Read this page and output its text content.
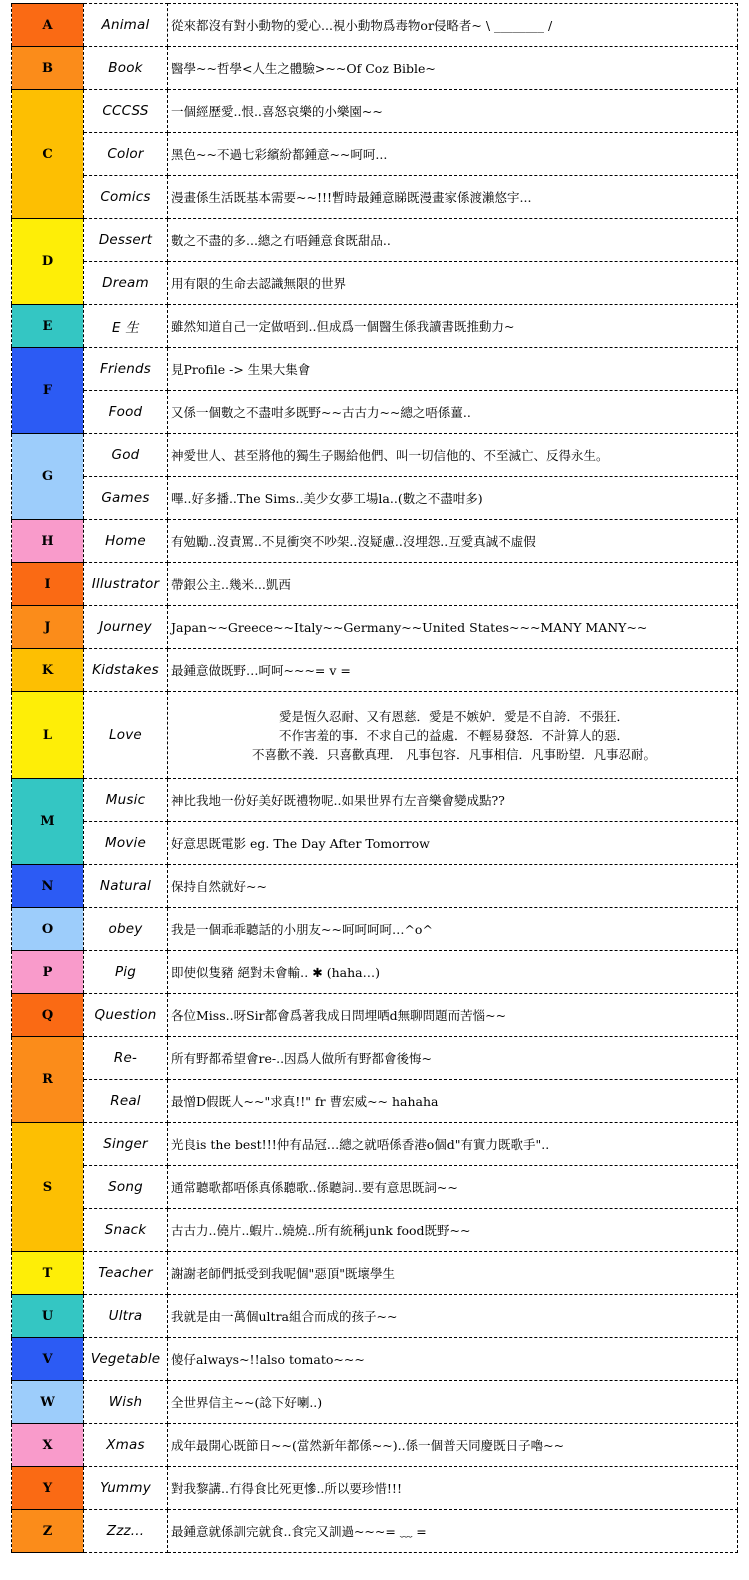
A	Animal	從來都沒有對小動物的愛心...視小動物爲毒物or侵略者~ \ ________ /
B	Book	醫學~~哲學<人生之體驗>~~Of Coz Bible~
C	CCCSS	一個經歷愛..恨..喜怒哀樂的小樂園~~
	Color	黑色~~不過七彩繽紛都鍾意~~呵呵...
	Comics	漫畫係生活既基本需要~~!!!暫時最鍾意睇既漫畫家係渡瀨悠宇...
D	Dessert	數之不盡的多...總之冇唔鍾意食既甜品..
	Dream	用有限的生命去認識無限的世界
E	E 生	雖然知道自己一定做唔到..但成爲一個醫生係我讀書既推動力~
F	Friends	見Profile -> 生果大集會
	Food	又係一個數之不盡咁多既野~~古古力~~總之唔係薑..
G	God	神愛世人、甚至將他的獨生子賜給他們、叫一切信他的、不至滅亡、反得永生。
	Games	嗶..好多播..The Sims..美少女夢工場la..(數之不盡咁多)
H	Home	有勉勵..沒責罵..不見衝突不吵架..沒疑慮..沒埋怨..互愛真誠不虛假
I	Illustrator	帶銀公主..幾米...凱西
J	Journey	Japan~~Greece~~Italy~~Germany~~United States~~~MANY MANY~~
K	Kidstakes	最鍾意做既野…呵呵~~~= v =
L	Love	愛是恆久忍耐、又有恩慈．愛是不嫉妒．愛是不自誇．不張狂．
不作害羞的事．不求自己的益處．不輕易發怒．不計算人的惡．
不喜歡不義．只喜歡真理． 凡事包容．凡事相信．凡事盼望．凡事忍耐。

M	Music	神比我地一份好美好既禮物呢..如果世界冇左音樂會變成點??
	Movie	好意思既電影 eg. The Day After Tomorrow
N	Natural	保持自然就好~~
O	obey	我是一個乖乖聽話的小朋友~~呵呵呵呵…^o^
P	Pig	即使似隻豬 絕對未會輸‥ ✱ (haha…)
Q	Question	各位Miss..呀Sir都會爲著我成日問埋哂d無聊問題而苦惱~~
R	Re-	所有野都希望會re-..因爲人做所有野都會後悔~
	Real	最憎D假既人~~"求真!!" fr 曹宏威~~ hahaha
S	Singer	光良is the best!!!仲有品冠…總之就唔係香港o個d"有實力既歌手"..
	Song	通常聽歌都唔係真係聽歌..係聽詞..要有意思既詞~~
	Snack	古古力..僥片..蝦片..燒燒..所有統稱junk food既野~~
T	Teacher	謝謝老師們抵受到我呢個"惡頂"既壞學生
U	Ultra	我就是由一萬個ultra組合而成的孩子~~
V	Vegetable	傻仔always~!!also tomato~~~
W	Wish	全世界信主~~(諗下好喇..)
X	Xmas	成年最開心既節日~~(當然新年都係~~)..係一個普天同慶既日子嚕~~
Y	Yummy	對我黎講..冇得食比死更慘..所以要珍惜!!!
Z	Zzz...	最鍾意就係訓完就食..食完又訓過~~~= ﹏ =
